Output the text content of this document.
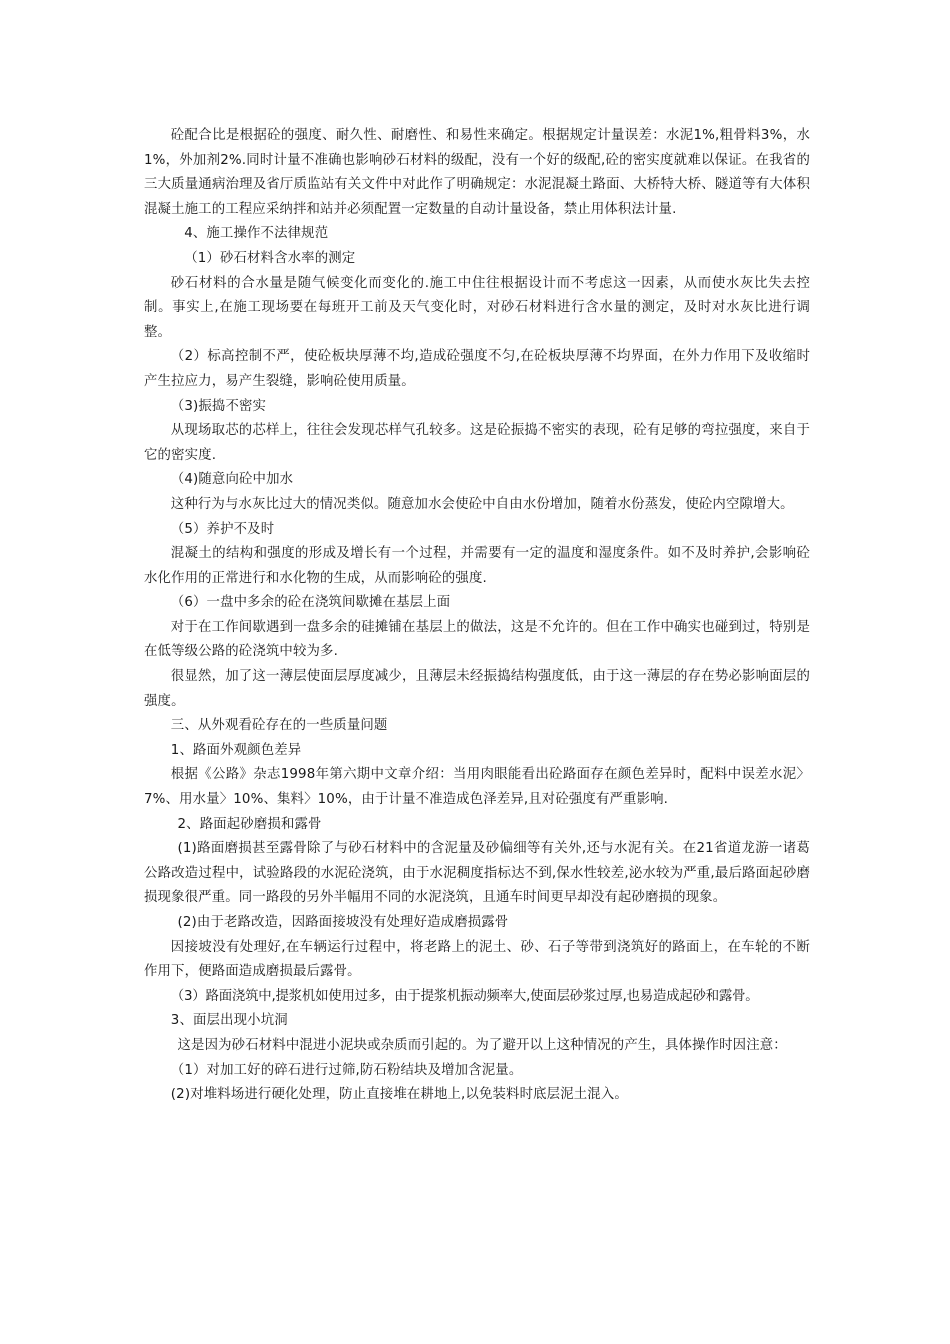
砼配合比是根据砼的强度、耐久性、耐磨性、和易性来确定。根据规定计量误差：水泥1%,粗骨料3%，水1%，外加剂2%.同时计量不准确也影响砂石材料的级配，没有一个好的级配,砼的密实度就难以保证。在我省的三大质量通病治理及省厅质监站有关文件中对此作了明确规定：水泥混凝土路面、大桥特大桥、隧道等有大体积混凝土施工的工程应采纳拌和站并必须配置一定数量的自动计量设备，禁止用体积法计量.

4、施工操作不法律规范

（1）砂石材料含水率的测定

砂石材料的合水量是随气候变化而变化的.施工中住往根据设计而不考虑这一因素，从而使水灰比失去控制。事实上,在施工现场要在每班开工前及天气变化时，对砂石材料进行含水量的测定，及时对水灰比进行调整。

（2）标高控制不严，使砼板块厚薄不均,造成砼强度不匀,在砼板块厚薄不均界面，在外力作用下及收缩时产生拉应力，易产生裂缝，影响砼使用质量。

（3)振捣不密实

从现场取芯的芯样上，往往会发现芯样气孔较多。这是砼振捣不密实的表现，砼有足够的弯拉强度，来自于它的密实度.

（4)随意向砼中加水

这种行为与水灰比过大的情况类似。随意加水会使砼中自由水份增加，随着水份蒸发，使砼内空隙增大。

（5）养护不及时

混凝土的结构和强度的形成及增长有一个过程，并需要有一定的温度和湿度条件。如不及时养护,会影响砼水化作用的正常进行和水化物的生成，从而影响砼的强度.

（6）一盘中多余的砼在浇筑间歇摊在基层上面

对于在工作间歇遇到一盘多余的硅摊铺在基层上的做法，这是不允许的。但在工作中确实也碰到过，特别是在低等级公路的砼浇筑中较为多.

很显然，加了这一薄层使面层厚度减少，且薄层未经振捣结构强度低，由于这一薄层的存在势必影响面层的强度。

三、从外观看砼存在的一些质量问题

1、路面外观颜色差异

根据《公路》杂志1998年第六期中文章介绍：当用肉眼能看出砼路面存在颜色差异时，配料中误差水泥〉7%、用水量〉10%、集料〉10%，由于计量不准造成色泽差异,且对砼强度有严重影响.

2、路面起砂磨损和露骨

(1)路面磨损甚至露骨除了与砂石材料中的含泥量及砂偏细等有关外,还与水泥有关。在21省道龙游一诸葛公路改造过程中，试验路段的水泥砼浇筑，由于水泥稠度指标达不到,保水性较差,泌水较为严重,最后路面起砂磨损现象很严重。同一路段的另外半幅用不同的水泥浇筑，且通车时间更早却没有起砂磨损的现象。

(2)由于老路改造，因路面接坡没有处理好造成磨损露骨

因接坡没有处理好,在车辆运行过程中，将老路上的泥土、砂、石子等带到浇筑好的路面上，在车轮的不断作用下，便路面造成磨损最后露骨。

（3）路面浇筑中,提浆机如使用过多，由于提浆机振动频率大,使面层砂浆过厚,也易造成起砂和露骨。

3、面层出现小坑洞

这是因为砂石材料中混进小泥块或杂质而引起的。为了避开以上这种情况的产生，具体操作时因注意：

（1）对加工好的碎石进行过筛,防石粉结块及增加含泥量。

(2)对堆料场进行硬化处理，防止直接堆在耕地上,以免装料时底层泥土混入。
